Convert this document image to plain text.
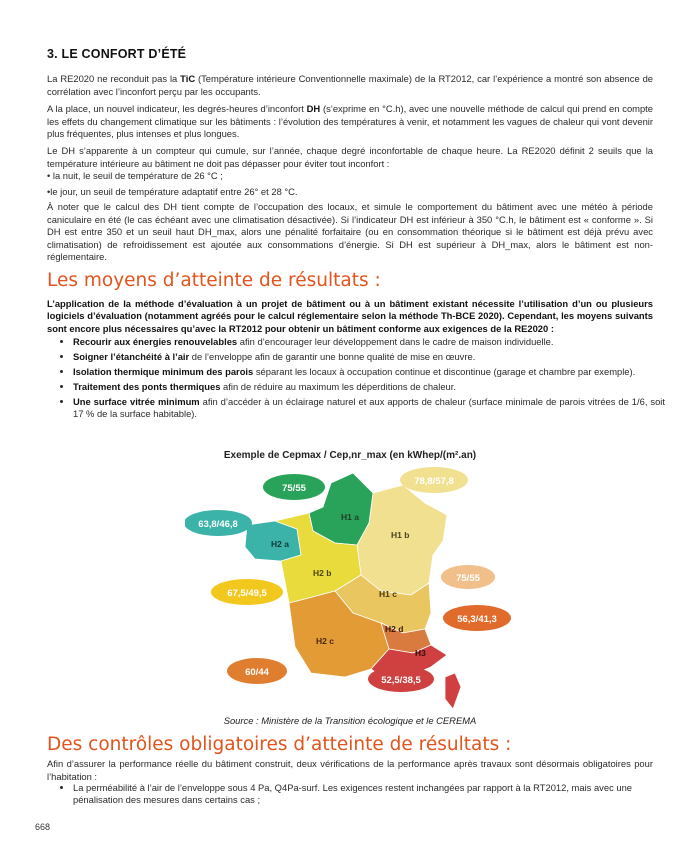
3. LE CONFORT D’ÉTÉ
La RE2020 ne reconduit pas la TiC (Température intérieure Conventionnelle maximale) de la RT2012, car l’expérience a montré son absence de corrélation avec l’inconfort perçu par les occupants.
A la place, un nouvel indicateur, les degrés-heures d’inconfort DH (s’exprime en °C.h), avec une nouvelle méthode de calcul qui prend en compte les effets du changement climatique sur les bâtiments : l’évolution des températures à venir, et notamment les vagues de chaleur qui vont devenir plus fréquentes, plus intenses et plus longues.
Le DH s’apparente à un compteur qui cumule, sur l’année, chaque degré inconfortable de chaque heure. La RE2020 définit 2 seuils que la température intérieure au bâtiment ne doit pas dépasser pour éviter tout inconfort :
• la nuit, le seuil de température de 26 °C ;
•le jour, un seuil de température adaptatif entre 26° et 28 °C.
À noter que le calcul des DH tient compte de l’occupation des locaux, et simule le comportement du bâtiment avec une météo à période caniculaire en été (le cas échéant avec une climatisation désactivée). Si l’indicateur DH est inférieur à 350 °C.h, le bâtiment est « conforme ». Si DH est entre 350 et un seuil haut DH_max, alors une pénalité forfaitaire (ou en consommation théorique si le bâtiment est déjà prévu avec climatisation) de refroidissement est ajoutée aux consommations d’énergie. Si DH est supérieur à DH_max, alors le bâtiment est non-réglementaire.
Les moyens d’atteinte de résultats :
L’application de la méthode d’évaluation à un projet de bâtiment ou à un bâtiment existant nécessite l’utilisation d’un ou plusieurs logiciels d’évaluation (notamment agréés pour le calcul réglementaire selon la méthode Th-BCE 2020). Cependant, les moyens suivants sont encore plus nécessaires qu’avec la RT2012 pour obtenir un bâtiment conforme aux exigences de la RE2020 :
• Recourir aux énergies renouvelables afin d’encourager leur développement dans le cadre de maison individuelle.
• Soigner l’étanchéité à l’air de l’enveloppe afin de garantir une bonne qualité de mise en œuvre.
• Isolation thermique minimum des parois séparant les locaux à occupation continue et discontinue (garage et chambre par exemple).
• Traitement des ponts thermiques afin de réduire au maximum les déperditions de chaleur.
• Une surface vitrée minimum afin d’accéder à un éclairage naturel et aux apports de chaleur (surface minimale de parois vitrées de 1/6, soit 17 % de la surface habitable).
Exemple de Cepmax / Cep,nr_max (en kWhep/(m².an)
H1 a
H1 b
H1 c
H2 a
H2 b
H2 c
H2 d
H3
75/55
78,8/57,8
63,8/46,8
75/55
67,5/49,5
56,3/41,3
60/44
52,5/38,5
Source : Ministère de la Transition écologique et le CEREMA
Des contrôles obligatoires d’atteinte de résultats :
Afin d’assurer la performance réelle du bâtiment construit, deux vérifications de la performance après travaux sont désormais obligatoires pour l’habitation :
• La perméabilité à l’air de l’enveloppe sous 4 Pa, Q4Pa-surf. Les exigences restent inchangées par rapport à la RT2012, mais avec une pénalisation des mesures dans certains cas ;
668
